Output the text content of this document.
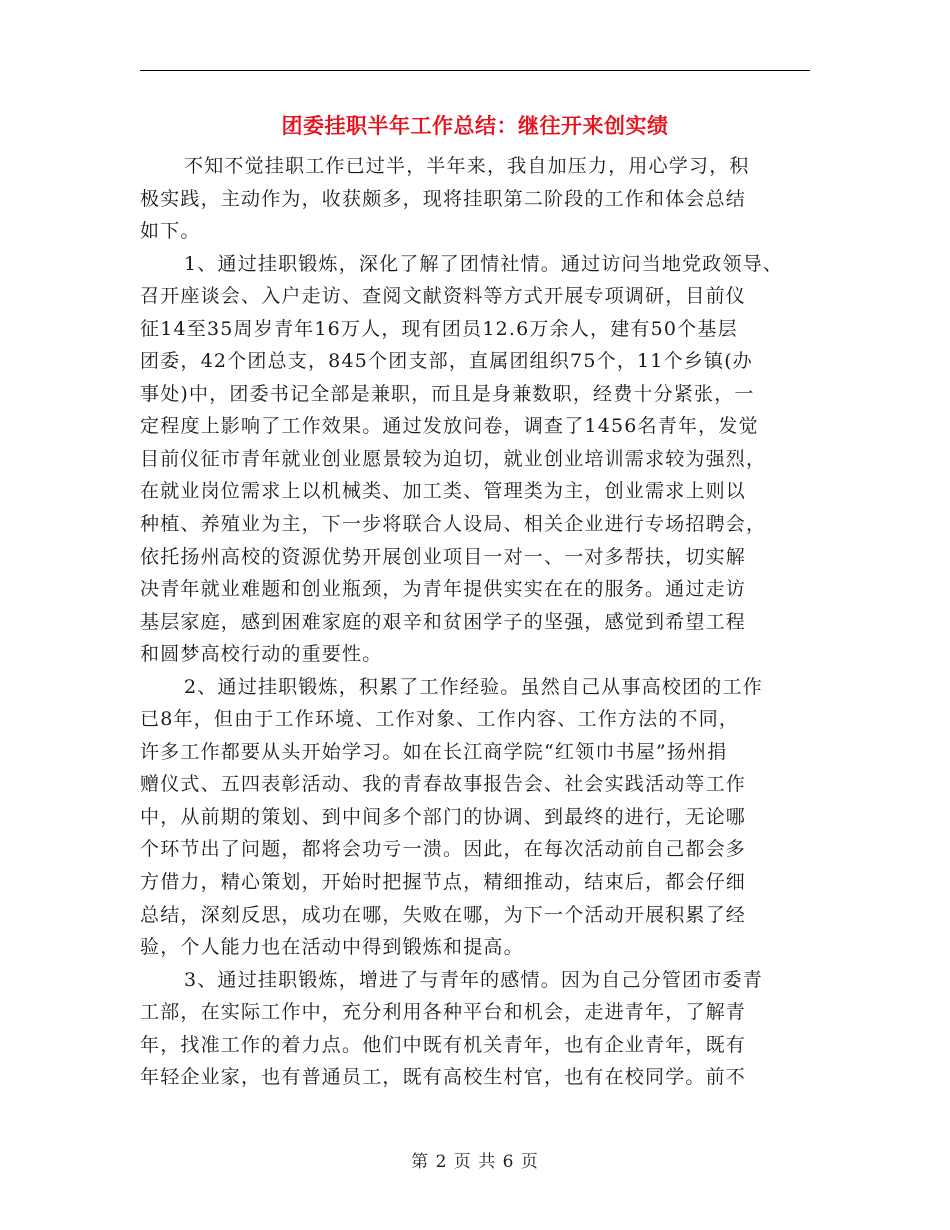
团委挂职半年工作总结：继往开来创实绩
不知不觉挂职工作已过半，半年来，我自加压力，用心学习，积
极实践，主动作为，收获颇多，现将挂职第二阶段的工作和体会总结
如下。
1、通过挂职锻炼，深化了解了团情社情。通过访问当地党政领导、
召开座谈会、入户走访、查阅文献资料等方式开展专项调研，目前仪
征14至35周岁青年16万人，现有团员12.6万余人，建有50个基层
团委，42个团总支，845个团支部，直属团组织75个，11个乡镇(办
事处)中，团委书记全部是兼职，而且是身兼数职，经费十分紧张，一
定程度上影响了工作效果。通过发放问卷，调查了1456名青年，发觉
目前仪征市青年就业创业愿景较为迫切，就业创业培训需求较为强烈，
在就业岗位需求上以机械类、加工类、管理类为主，创业需求上则以
种植、养殖业为主，下一步将联合人设局、相关企业进行专场招聘会，
依托扬州高校的资源优势开展创业项目一对一、一对多帮扶，切实解
决青年就业难题和创业瓶颈，为青年提供实实在在的服务。通过走访
基层家庭，感到困难家庭的艰辛和贫困学子的坚强，感觉到希望工程
和圆梦高校行动的重要性。
2、通过挂职锻炼，积累了工作经验。虽然自己从事高校团的工作
已8年，但由于工作环境、工作对象、工作内容、工作方法的不同，
许多工作都要从头开始学习。如在长江商学院“红领巾书屋”扬州捐
赠仪式、五四表彰活动、我的青春故事报告会、社会实践活动等工作
中，从前期的策划、到中间多个部门的协调、到最终的进行，无论哪
个环节出了问题，都将会功亏一溃。因此，在每次活动前自己都会多
方借力，精心策划，开始时把握节点，精细推动，结束后，都会仔细
总结，深刻反思，成功在哪，失败在哪，为下一个活动开展积累了经
验，个人能力也在活动中得到锻炼和提高。
3、通过挂职锻炼，增进了与青年的感情。因为自己分管团市委青
工部，在实际工作中，充分利用各种平台和机会，走进青年，了解青
年，找准工作的着力点。他们中既有机关青年，也有企业青年，既有
年轻企业家，也有普通员工，既有高校生村官，也有在校同学。前不
第 2 页 共 6 页
